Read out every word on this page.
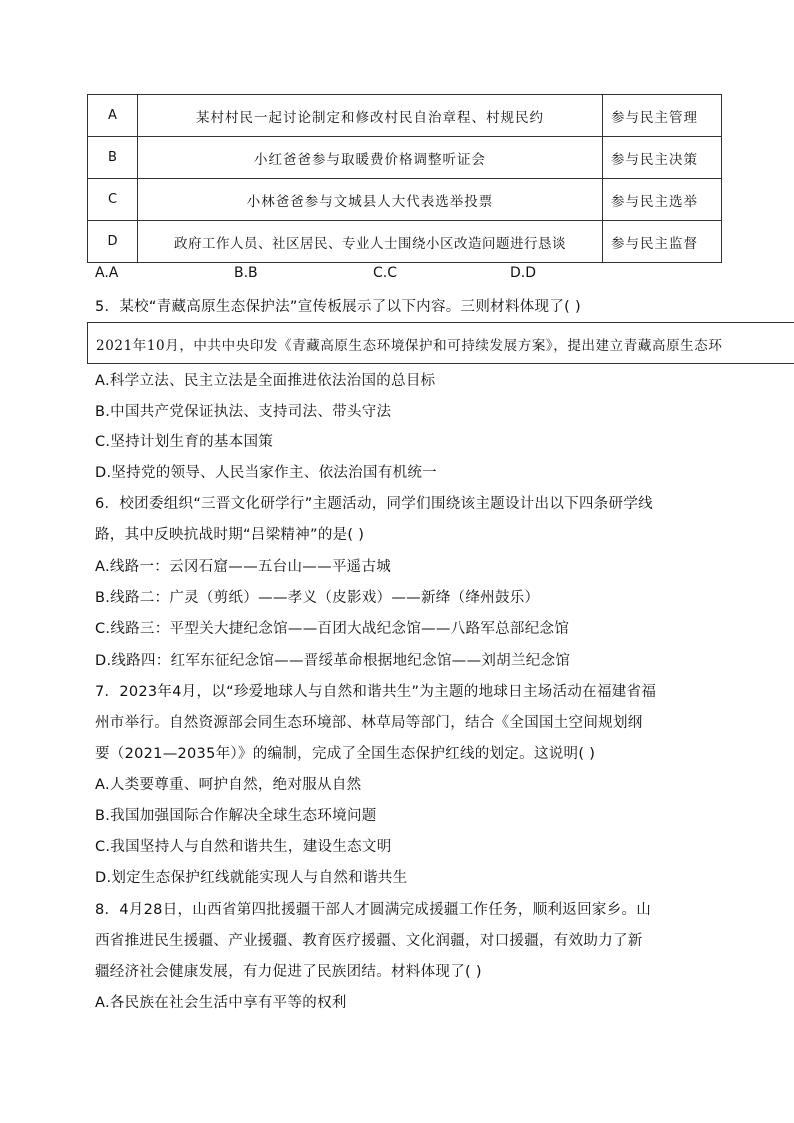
A	某村村民一起讨论制定和修改村民自治章程、村规民约	参与民主管理
B	小红爸爸参与取暖费价格调整听证会	参与民主决策
C	小林爸爸参与文城县人大代表选举投票	参与民主选举
D	政府工作人员、社区居民、专业人士围绕小区改造问题进行恳谈	参与民主监督
A.A	B.B	C.C	D.D
5．某校“青藏高原生态保护法”宣传板展示了以下内容。三则材料体现了( )
2021年10月，中共中央印发《青藏高原生态环境保护和可持续发展方案》，提出建立青藏高原生态环
A.科学立法、民主立法是全面推进依法治国的总目标
B.中国共产党保证执法、支持司法、带头守法
C.坚持计划生育的基本国策
D.坚持党的领导、人民当家作主、依法治国有机统一
6．校团委组织“三晋文化研学行”主题活动，同学们围绕该主题设计出以下四条研学线
路，其中反映抗战时期“吕梁精神”的是( )
A.线路一：云冈石窟——五台山——平遥古城
B.线路二：广灵（剪纸）——孝义（皮影戏）——新绛（绛州鼓乐）
C.线路三：平型关大捷纪念馆——百团大战纪念馆——八路军总部纪念馆
D.线路四：红军东征纪念馆——晋绥革命根据地纪念馆——刘胡兰纪念馆
7．2023年4月，以“珍爱地球人与自然和谐共生”为主题的地球日主场活动在福建省福
州市举行。自然资源部会同生态环境部、林草局等部门，结合《全国国土空间规划纲
要（2021—2035年）》的编制，完成了全国生态保护红线的划定。这说明( )
A.人类要尊重、呵护自然，绝对服从自然
B.我国加强国际合作解决全球生态环境问题
C.我国坚持人与自然和谐共生，建设生态文明
D.划定生态保护红线就能实现人与自然和谐共生
8．4月28日，山西省第四批援疆干部人才圆满完成援疆工作任务，顺利返回家乡。山
西省推进民生援疆、产业援疆、教育医疗援疆、文化润疆，对口援疆，有效助力了新
疆经济社会健康发展，有力促进了民族团结。材料体现了( )
A.各民族在社会生活中享有平等的权利
